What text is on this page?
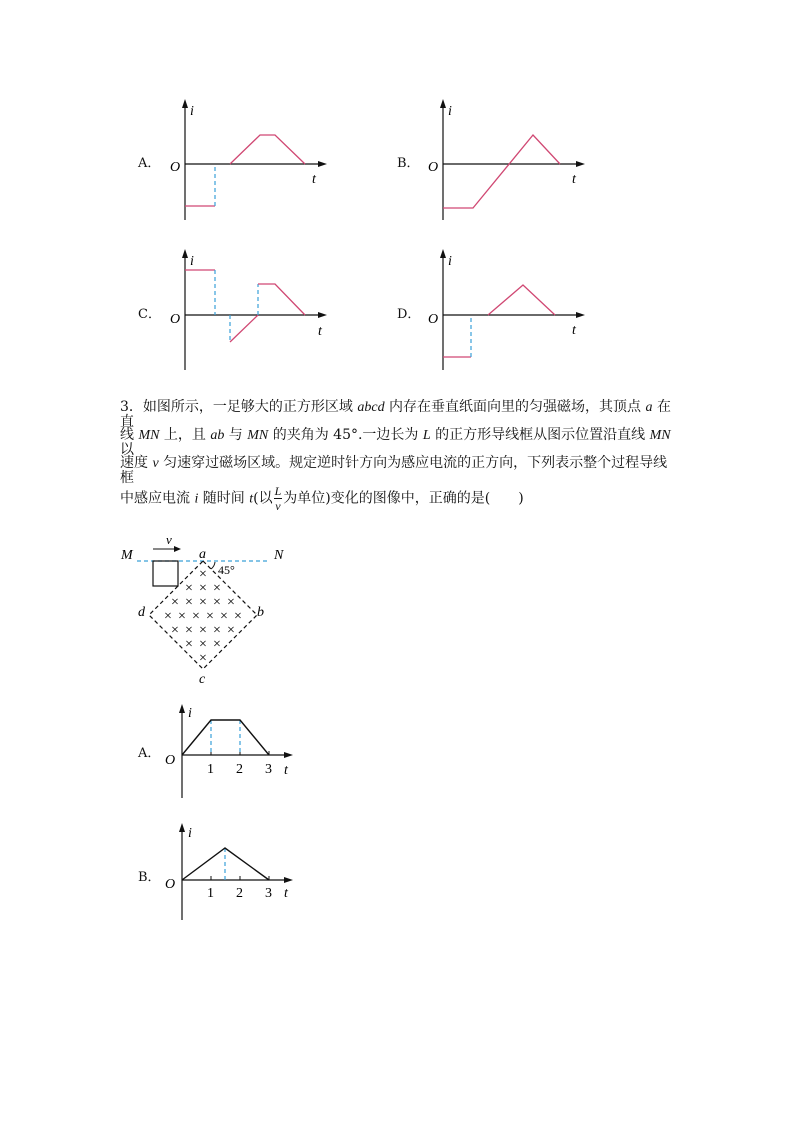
A．
i
t
O	B．
i
t
O
C．
i
t
O	D．
i
t
O
3．如图所示，一足够大的正方形区域 abcd 内存在垂直纸面向里的匀强磁场，其顶点 a 在直
线 MN 上，且 ab 与 MN 的夹角为 45°.一边长为 L 的正方形导线框从图示位置沿直线 MN 以
速度 v 匀速穿过磁场区域。规定逆时针方向为感应电流的正方向，下列表示整个过程导线框
中感应电流 i 随时间 t(以 $\frac{L}{v}$ 为单位)变化的图像中，正确的是(　　)
M	N
v
a
b
c
d
45°
×
× × ×
× × × × ×
× × × × × ×
× × × × ×
× × ×
×
A．
i
t
O
1 2 3
B．
i
t
O
1 2 3
